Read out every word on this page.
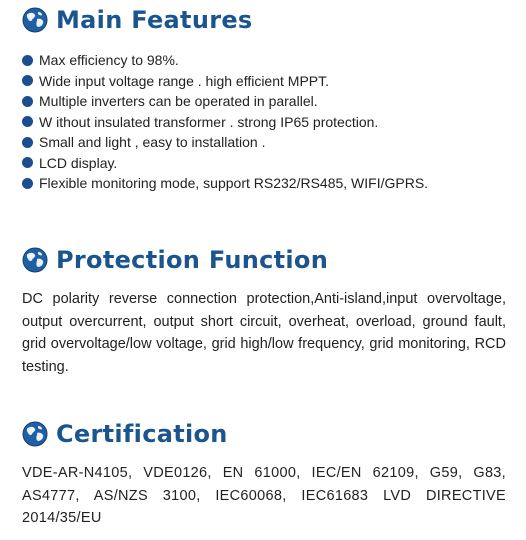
Main Features
Max efficiency to 98%.
Wide input voltage range . high efficient MPPT.
Multiple inverters can be operated in parallel.
W ithout insulated transformer . strong IP65 protection.
Small and light , easy to installation .
LCD display.
Flexible monitoring mode, support RS232/RS485, WIFI/GPRS.
Protection Function

DC polarity reverse connection protection,Anti-island,input overvoltage, output overcurrent, output short circuit, overheat, overload, ground fault, grid overvoltage/low voltage, grid high/low frequency, grid monitoring, RCD testing.

Certification

VDE-AR-N4105, VDE0126, EN 61000, IEC/EN 62109, G59, G83, AS4777, AS/NZS 3100, IEC60068, IEC61683 LVD DIRECTIVE 2014/35/EU
